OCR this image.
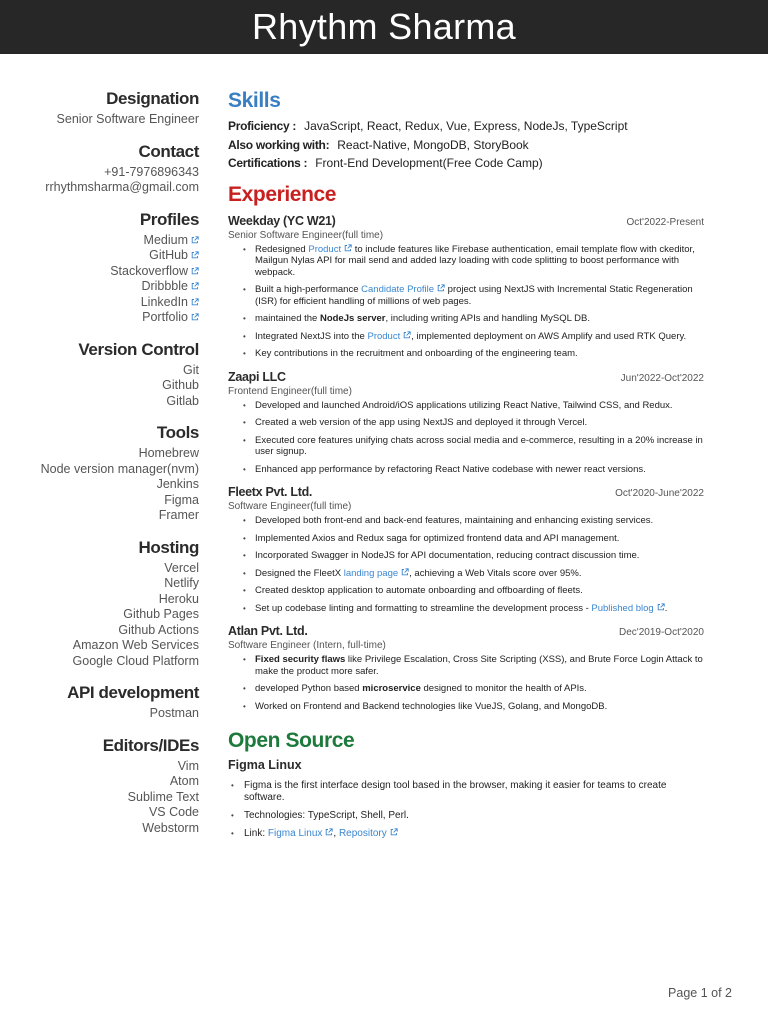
Rhythm Sharma
Designation
Senior Software Engineer
Contact
+91-7976896343
rrhythmsharma@gmail.com
Profiles
Medium
GitHub
Stackoverflow
Dribbble
LinkedIn
Portfolio
Version Control
Git
Github
Gitlab
Tools
Homebrew
Node version manager(nvm)
Jenkins
Figma
Framer
Hosting
Vercel
Netlify
Heroku
Github Pages
Github Actions
Amazon Web Services
Google Cloud Platform
API development
Postman
Editors/IDEs
Vim
Atom
Sublime Text
VS Code
Webstorm
Skills
Proficiency : JavaScript, React, Redux, Vue, Express, NodeJs, TypeScript
Also working with: React-Native, MongoDB, StoryBook
Certifications : Front-End Development(Free Code Camp)
Experience
Weekday (YC W21)	Oct'2022-Present
Senior Software Engineer(full time)
• Redesigned Product
to include features like Firebase authentication, email template flow with ckeditor, Mailgun Nylas API for mail send and added lazy loading with code splitting to boost performance with webpack.
• Built a high-performance Candidate Profile
project using NextJS with Incremental Static Regeneration (ISR) for efficient handling of millions of web pages.
• maintained the NodeJs server, including writing APIs and handling MySQL DB.
• Integrated NextJS into the Product , implemented deployment on AWS Amplify and used RTK Query.
• Key contributions in the recruitment and onboarding of the engineering team.
Zaapi LLC	Jun'2022-Oct'2022
Frontend Engineer(full time)
• Developed and launched Android/iOS applications utilizing React Native, Tailwind CSS, and Redux.
• Created a web version of the app using NextJS and deployed it through Vercel.
• Executed core features unifying chats across social media and e-commerce, resulting in a 20% increase in user signup.
• Enhanced app performance by refactoring React Native codebase with newer react versions.
Fleetx Pvt. Ltd.	Oct'2020-June'2022
Software Engineer(full time)
• Developed both front-end and back-end features, maintaining and enhancing existing services.
• Implemented Axios and Redux saga for optimized frontend data and API management.
• Incorporated Swagger in NodeJS for API documentation, reducing contract discussion time.
• Designed the FleetX landing page , achieving a Web Vitals score over 95%.
• Created desktop application to automate onboarding and offboarding of fleets.
• Set up codebase linting and formatting to streamline the development process - Published blog .
Atlan Pvt. Ltd.	Dec'2019-Oct'2020
Software Engineer (Intern, full-time)
• Fixed security flaws like Privilege Escalation, Cross Site Scripting (XSS), and Brute Force Login Attack to make the product more safer.
• developed Python based microservice designed to monitor the health of APIs.
• Worked on Frontend and Backend technologies like VueJS, Golang, and MongoDB.
Open Source
Figma Linux
• Figma is the first interface design tool based in the browser, making it easier for teams to create software.
• Technologies: TypeScript, Shell, Perl.
• Link: Figma Linux , Repository
Page 1 of 2
